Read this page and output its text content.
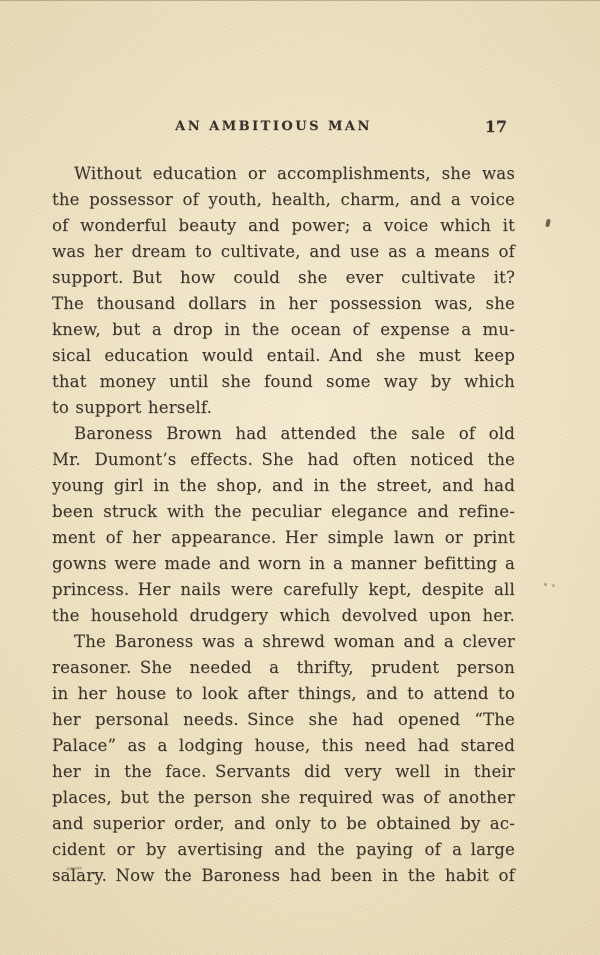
AN AMBITIOUS MAN	17
Without education or accomplishments, she was
the possessor of youth, health, charm, and a voice
of wonderful beauty and power; a voice which it
was her dream to cultivate, and use as a means of
support. But how could she ever cultivate it?
The thousand dollars in her possession was, she
knew, but a drop in the ocean of expense a mu-
sical education would entail. And she must keep
that money until she found some way by which
to support herself.
Baroness Brown had attended the sale of old
Mr. Dumont’s effects. She had often noticed the
young girl in the shop, and in the street, and had
been struck with the peculiar elegance and refine-
ment of her appearance. Her simple lawn or print
gowns were made and worn in a manner befitting a
princess. Her nails were carefully kept, despite all
the household drudgery which devolved upon her.
The Baroness was a shrewd woman and a clever
reasoner. She needed a thrifty, prudent person
in her house to look after things, and to attend to
her personal needs. Since she had opened “The
Palace” as a lodging house, this need had stared
her in the face. Servants did very well in their
places, but the person she required was of another
and superior order, and only to be obtained by ac-
cident or by avertising and the paying of a large
salary. Now the Baroness had been in the habit of
